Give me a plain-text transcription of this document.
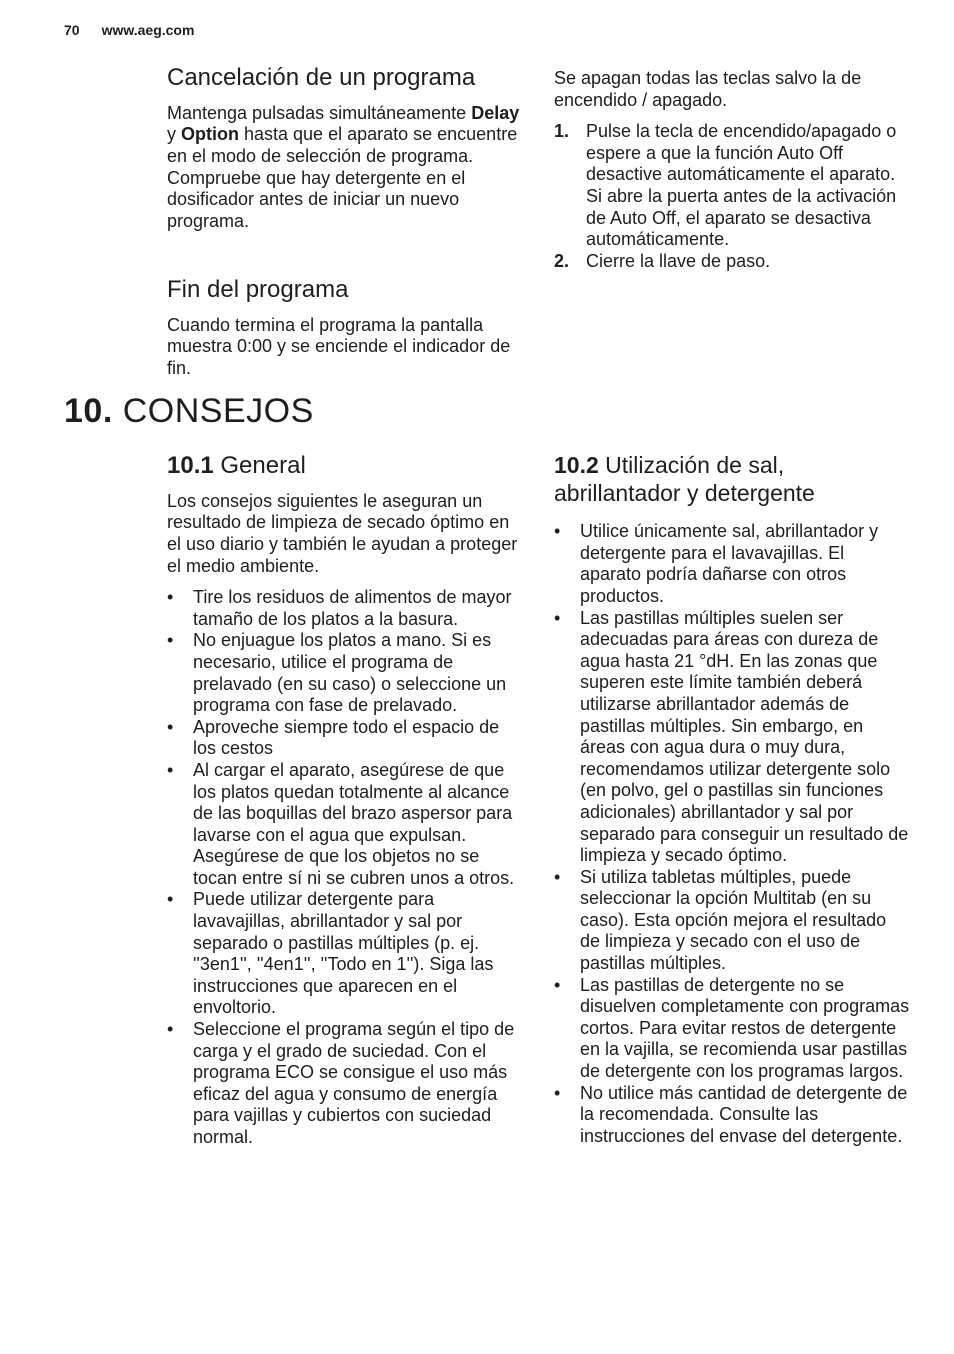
70 www.aeg.com
Cancelación de un programa

Mantenga pulsadas simultáneamente Delay y Option hasta que el aparato se encuentre en el modo de selección de programa.

Compruebe que hay detergente en el dosificador antes de iniciar un nuevo programa.

Fin del programa

Cuando termina el programa la pantalla muestra 0:00 y se enciende el indicador de fin.

Se apagan todas las teclas salvo la de encendido / apagado.

1. Pulse la tecla de encendido/apagado o espere a que la función Auto Off desactive automáticamente el aparato.
Si abre la puerta antes de la activación de Auto Off, el aparato se desactiva automáticamente.
2. Cierre la llave de paso.
10. CONSEJOS
10.1 General

Los consejos siguientes le aseguran un resultado de limpieza de secado óptimo en el uso diario y también le ayudan a proteger el medio ambiente.

• Tire los residuos de alimentos de mayor tamaño de los platos a la basura.
• No enjuague los platos a mano. Si es necesario, utilice el programa de prelavado (en su caso) o seleccione un programa con fase de prelavado.
• Aproveche siempre todo el espacio de los cestos
• Al cargar el aparato, asegúrese de que los platos quedan totalmente al alcance de las boquillas del brazo aspersor para lavarse con el agua que expulsan. Asegúrese de que los objetos no se tocan entre sí ni se cubren unos a otros.
• Puede utilizar detergente para lavavajillas, abrillantador y sal por separado o pastillas múltiples (p. ej. ''3en1'', ''4en1'', ''Todo en 1''). Siga las instrucciones que aparecen en el envoltorio.
• Seleccione el programa según el tipo de carga y el grado de suciedad. Con el programa ECO se consigue el uso más eficaz del agua y consumo de energía para vajillas y cubiertos con suciedad normal.
10.2 Utilización de sal,
abrillantador y detergente
• Utilice únicamente sal, abrillantador y detergente para el lavavajillas. El aparato podría dañarse con otros productos.
• Las pastillas múltiples suelen ser adecuadas para áreas con dureza de agua hasta 21 °dH. En las zonas que superen este límite también deberá utilizarse abrillantador además de pastillas múltiples. Sin embargo, en áreas con agua dura o muy dura, recomendamos utilizar detergente solo (en polvo, gel o pastillas sin funciones adicionales) abrillantador y sal por separado para conseguir un resultado de limpieza y secado óptimo.
• Si utiliza tabletas múltiples, puede seleccionar la opción Multitab (en su caso). Esta opción mejora el resultado de limpieza y secado con el uso de pastillas múltiples.
• Las pastillas de detergente no se disuelven completamente con programas cortos. Para evitar restos de detergente en la vajilla, se recomienda usar pastillas de detergente con los programas largos.
• No utilice más cantidad de detergente de la recomendada. Consulte las instrucciones del envase del detergente.
